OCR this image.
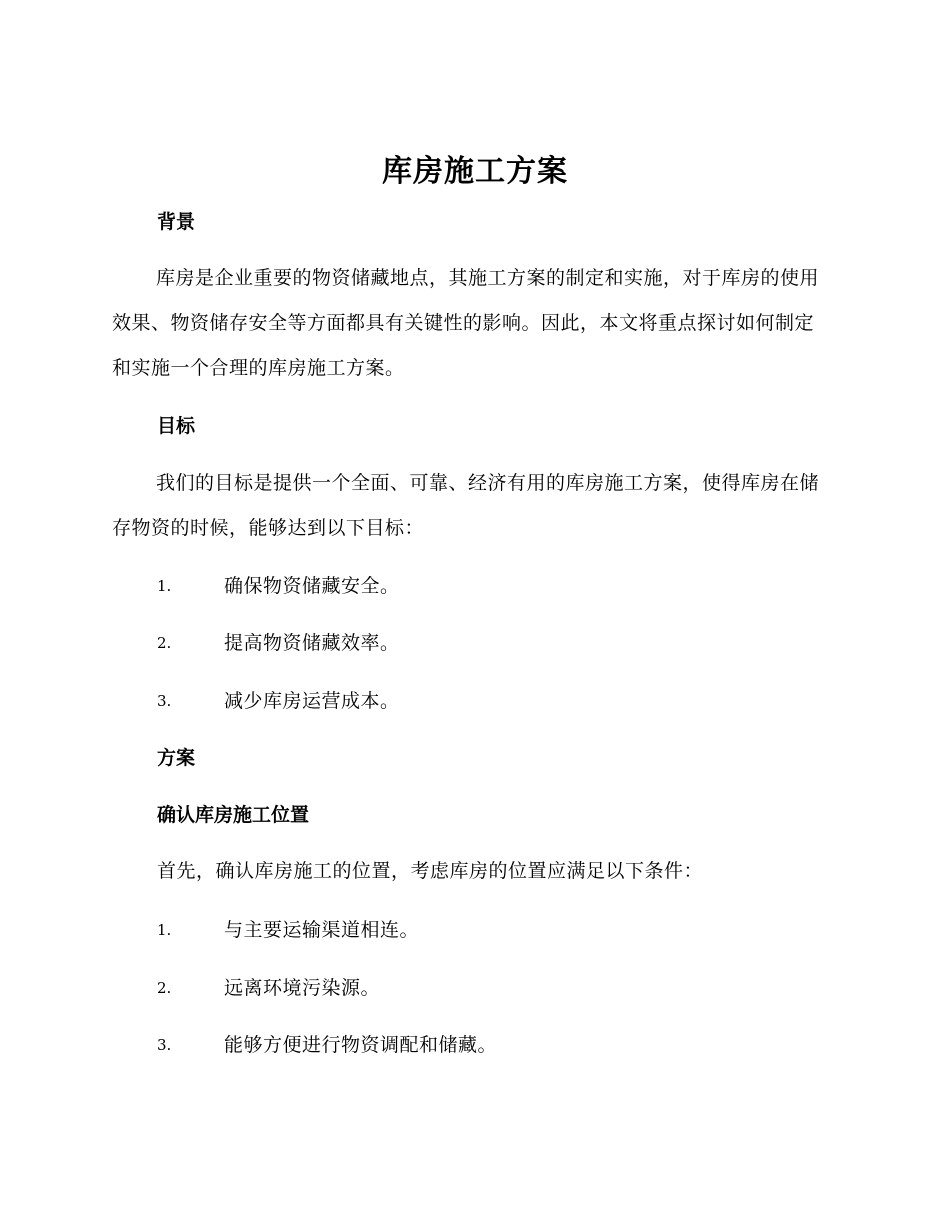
库房施工方案
背景
库房是企业重要的物资储藏地点，其施工方案的制定和实施，对于库房的使用效果、物资储存安全等方面都具有关键性的影响。因此，本文将重点探讨如何制定和实施一个合理的库房施工方案。
目标
我们的目标是提供一个全面、可靠、经济有用的库房施工方案，使得库房在储存物资的时候，能够达到以下目标：
1.	确保物资储藏安全。
2.	提高物资储藏效率。
3.	减少库房运营成本。
方案
确认库房施工位置
首先，确认库房施工的位置，考虑库房的位置应满足以下条件：
1.	与主要运输渠道相连。
2.	远离环境污染源。
3.	能够方便进行物资调配和储藏。
